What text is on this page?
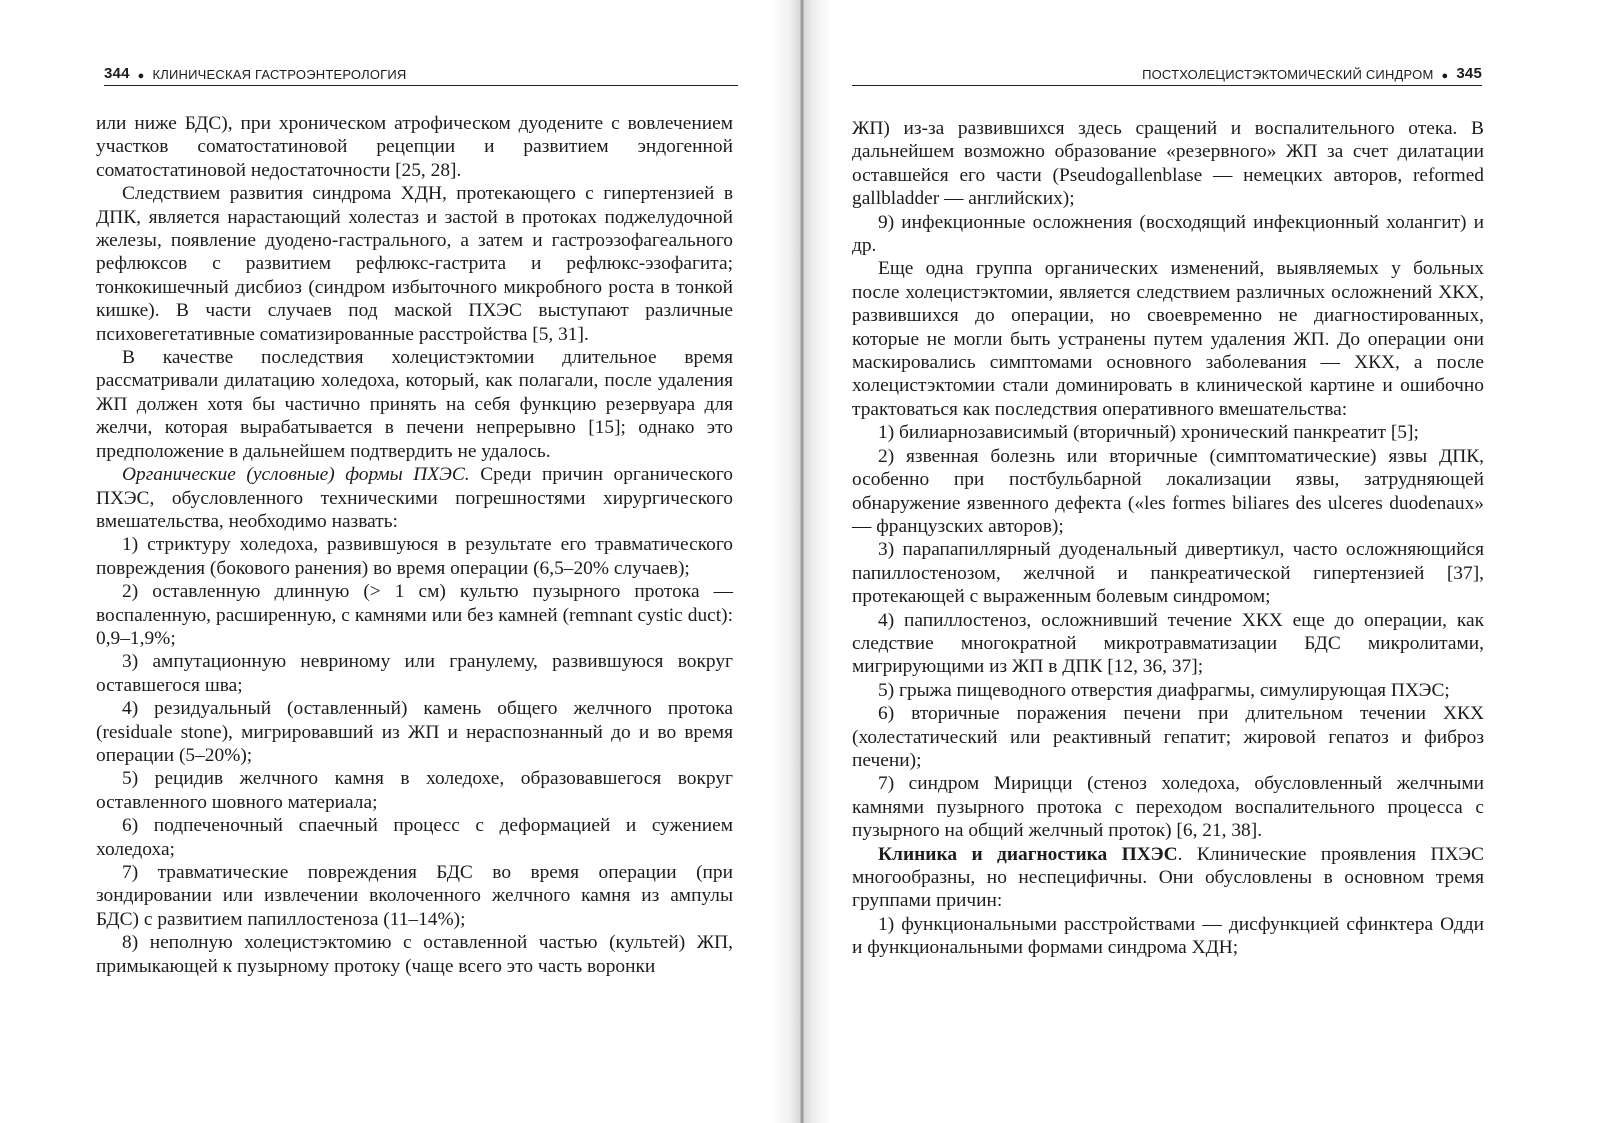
344 ● КЛИНИЧЕСКАЯ ГАСТРОЭНТЕРОЛОГИЯ

или ниже БДС), при хроническом атрофическом дуодените с вовлечением участков соматостатиновой рецепции и развитием эндогенной соматостатиновой недостаточности [25, 28].

Следствием развития синдрома ХДН, протекающего с гипертензией в ДПК, является нарастающий холестаз и застой в протоках поджелудочной железы, появление дуодено-гастрального, а затем и гастроэзофагеального рефлюксов с развитием рефлюкс-гастрита и рефлюкс-эзофагита; тонкокишечный дисбиоз (синдром избыточного микробного роста в тонкой кишке). В части случаев под маской ПХЭС выступают различные психовегетативные соматизированные расстройства [5, 31].

В качестве последствия холецистэктомии длительное время рассматривали дилатацию холедоха, который, как полагали, после удаления ЖП должен хотя бы частично принять на себя функцию резервуара для желчи, которая вырабатывается в печени непрерывно [15]; однако это предположение в дальнейшем подтвердить не удалось.

Органические (условные) формы ПХЭС. Среди причин органического ПХЭС, обусловленного техническими погрешностями хирургического вмешательства, необходимо назвать:

1) стриктуру холедоха, развившуюся в результате его травматического повреждения (бокового ранения) во время операции (6,5–20% случаев);

2) оставленную длинную (> 1 см) культю пузырного протока — воспаленную, расширенную, с камнями или без камней (remnant cystic duct): 0,9–1,9%;

3) ампутационную невриному или гранулему, развившуюся вокруг оставшегося шва;

4) резидуальный (оставленный) камень общего желчного протока (residuale stone), мигрировавший из ЖП и нераспознанный до и во время операции (5–20%);

5) рецидив желчного камня в холедохе, образовавшегося вокруг оставленного шовного материала;

6) подпеченочный спаечный процесс с деформацией и сужением холедоха;

7) травматические повреждения БДС во время операции (при зондировании или извлечении вколоченного желчного камня из ампулы БДС) с развитием папиллостеноза (11–14%);

8) неполную холецистэктомию с оставленной частью (культей) ЖП, примыкающей к пузырному протоку (чаще всего это часть воронки

ПОСТХОЛЕЦИСТЭКТОМИЧЕСКИЙ СИНДРОМ ● 345

ЖП) из-за развившихся здесь сращений и воспалительного отека. В дальнейшем возможно образование «резервного» ЖП за счет дилатации оставшейся его части (Pseudogallenblase — немецких авторов, reformed gallbladder — английских);

9) инфекционные осложнения (восходящий инфекционный холангит) и др.

Еще одна группа органических изменений, выявляемых у больных после холецистэктомии, является следствием различных осложнений ХКХ, развившихся до операции, но своевременно не диагностированных, которые не могли быть устранены путем удаления ЖП. До операции они маскировались симптомами основного заболевания — ХКХ, а после холецистэктомии стали доминировать в клинической картине и ошибочно трактоваться как последствия оперативного вмешательства:

1) билиарнозависимый (вторичный) хронический панкреатит [5];

2) язвенная болезнь или вторичные (симптоматические) язвы ДПК, особенно при постбульбарной локализации язвы, затрудняющей обнаружение язвенного дефекта («les formes biliares des ulceres duodenaux» — французских авторов);

3) парапапиллярный дуоденальный дивертикул, часто осложняющийся папиллостенозом, желчной и панкреатической гипертензией [37], протекающей с выраженным болевым синдромом;

4) папиллостеноз, осложнивший течение ХКХ еще до операции, как следствие многократной микротравматизации БДС микролитами, мигрирующими из ЖП в ДПК [12, 36, 37];

5) грыжа пищеводного отверстия диафрагмы, симулирующая ПХЭС;

6) вторичные поражения печени при длительном течении ХКХ (холестатический или реактивный гепатит; жировой гепатоз и фиброз печени);

7) синдром Мирицци (стеноз холедоха, обусловленный желчными камнями пузырного протока с переходом воспалительного процесса с пузырного на общий желчный проток) [6, 21, 38].

Клиника и диагностика ПХЭС. Клинические проявления ПХЭС многообразны, но неспецифичны. Они обусловлены в основном тремя группами причин:

1) функциональными расстройствами — дисфункцией сфинктера Одди и функциональными формами синдрома ХДН;
